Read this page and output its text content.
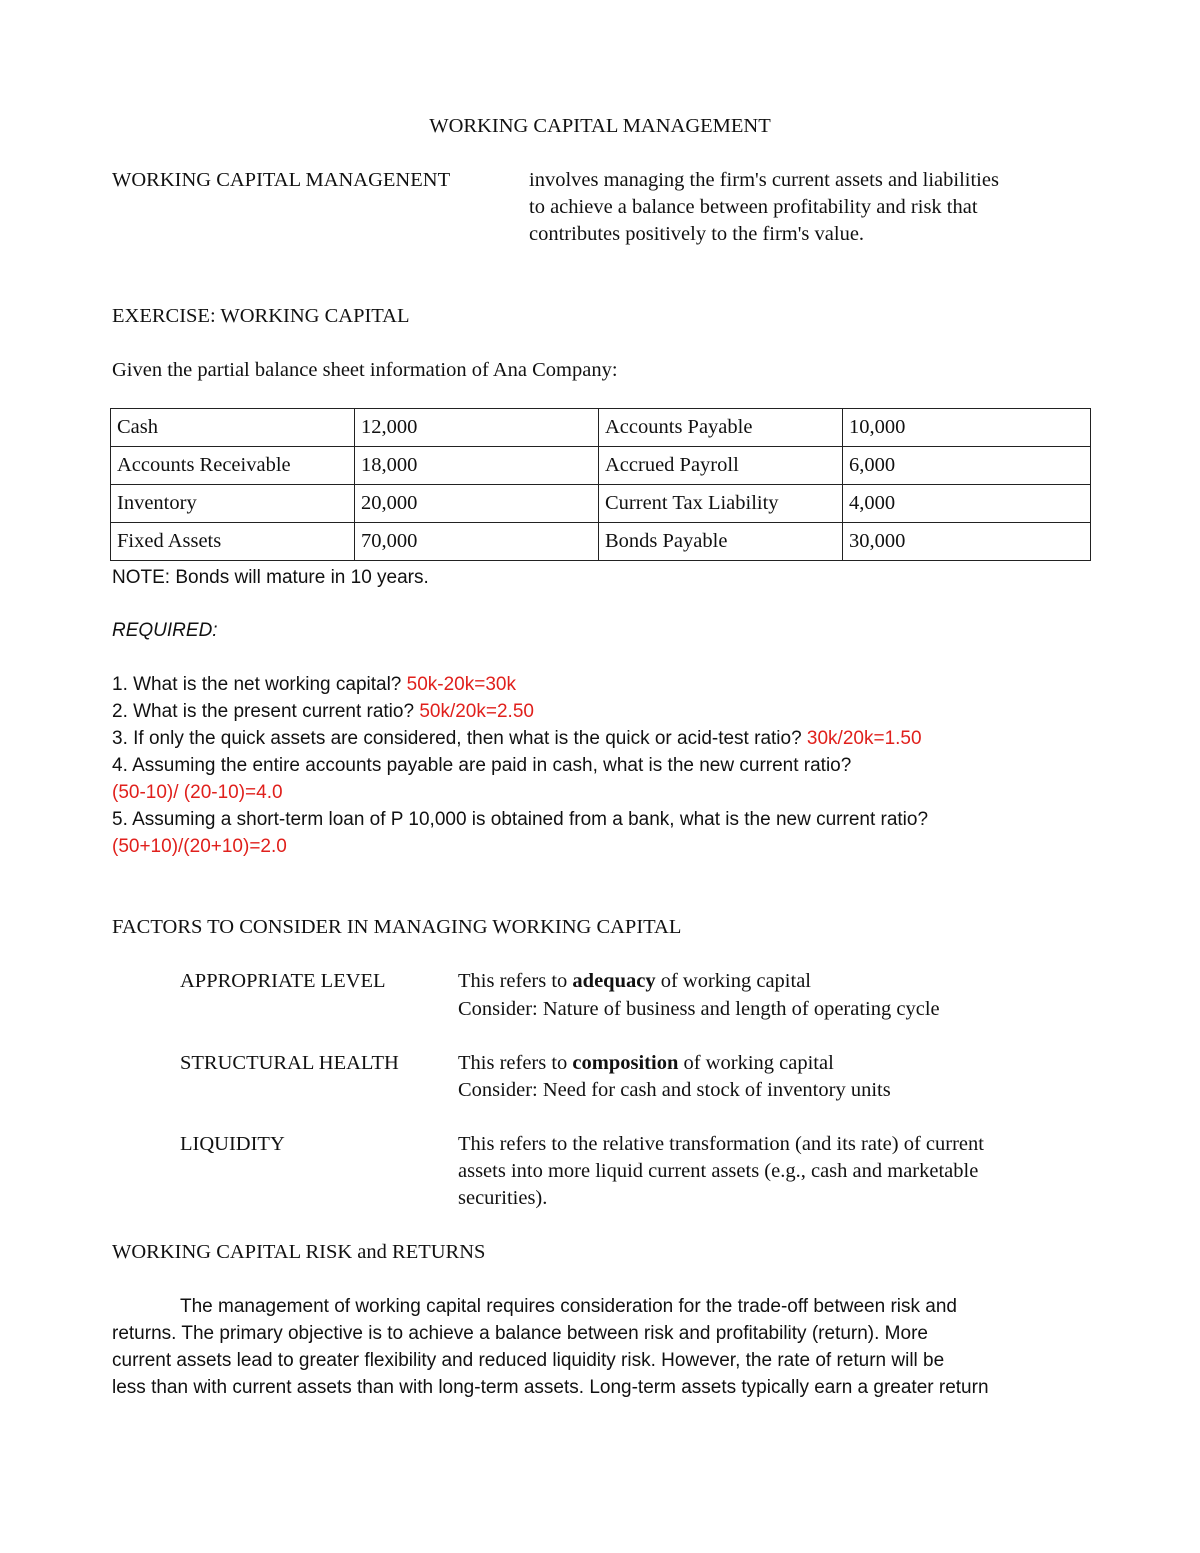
WORKING CAPITAL MANAGEMENT
WORKING CAPITAL MANAGENENT	involves managing the firm's current assets and liabilities
to achieve a balance between profitability and risk that
contributes positively to the firm's value.
EXERCISE: WORKING CAPITAL
Given the partial balance sheet information of Ana Company:
Cash	12,000	Accounts Payable	10,000
Accounts Receivable	18,000	Accrued Payroll	6,000
Inventory	20,000	Current Tax Liability	4,000
Fixed Assets	70,000	Bonds Payable	30,000
NOTE: Bonds will mature in 10 years.
REQUIRED:
1. What is the net working capital? 50k-20k=30k
2. What is the present current ratio? 50k/20k=2.50
3. If only the quick assets are considered, then what is the quick or acid-test ratio? 30k/20k=1.50
4. Assuming the entire accounts payable are paid in cash, what is the new current ratio?
(50-10)/ (20-10)=4.0
5. Assuming a short-term loan of P 10,000 is obtained from a bank, what is the new current ratio?
(50+10)/(20+10)=2.0
FACTORS TO CONSIDER IN MANAGING WORKING CAPITAL
APPROPRIATE LEVEL	This refers to adequacy of working capital
Consider: Nature of business and length of operating cycle
STRUCTURAL HEALTH	This refers to composition of working capital
Consider: Need for cash and stock of inventory units
LIQUIDITY	This refers to the relative transformation (and its rate) of current
assets into more liquid current assets (e.g., cash and marketable
securities).
WORKING CAPITAL RISK and RETURNS
The management of working capital requires consideration for the trade-off between risk and
returns. The primary objective is to achieve a balance between risk and profitability (return). More
current assets lead to greater flexibility and reduced liquidity risk. However, the rate of return will be
less than with current assets than with long-term assets. Long-term assets typically earn a greater return
